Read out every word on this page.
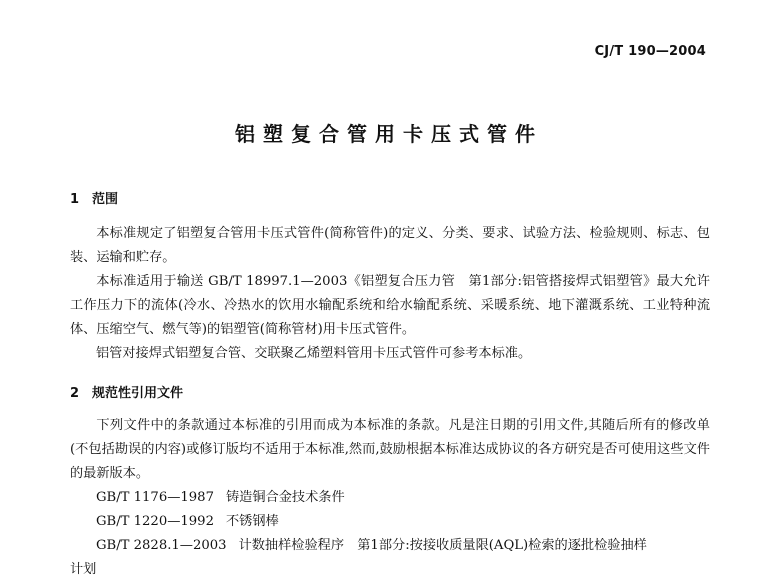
CJ/T 190—2004
铝塑复合管用卡压式管件
1 范围

本标准规定了铝塑复合管用卡压式管件(简称管件)的定义、分类、要求、试验方法、检验规则、标志、包装、运输和贮存。

本标准适用于输送 GB/T 18997.1—2003《铝塑复合压力管　第1部分:铝管搭接焊式铝塑管》最大允许工作压力下的流体(冷水、冷热水的饮用水输配系统和给水输配系统、采暖系统、地下灌溉系统、工业特种流体、压缩空气、燃气等)的铝塑管(简称管材)用卡压式管件。

铝管对接焊式铝塑复合管、交联聚乙烯塑料管用卡压式管件可参考本标准。

2 规范性引用文件

下列文件中的条款通过本标准的引用而成为本标准的条款。凡是注日期的引用文件,其随后所有的修改单(不包括勘误的内容)或修订版均不适用于本标准,然而,鼓励根据本标准达成协议的各方研究是否可使用这些文件的最新版本。

GB/T 1176—1987 铸造铜合金技术条件

GB/T 1220—1992 不锈钢棒

GB/T 2828.1—2003 计数抽样检验程序　第1部分:按接收质量限(AQL)检索的逐批检验抽样

计划
